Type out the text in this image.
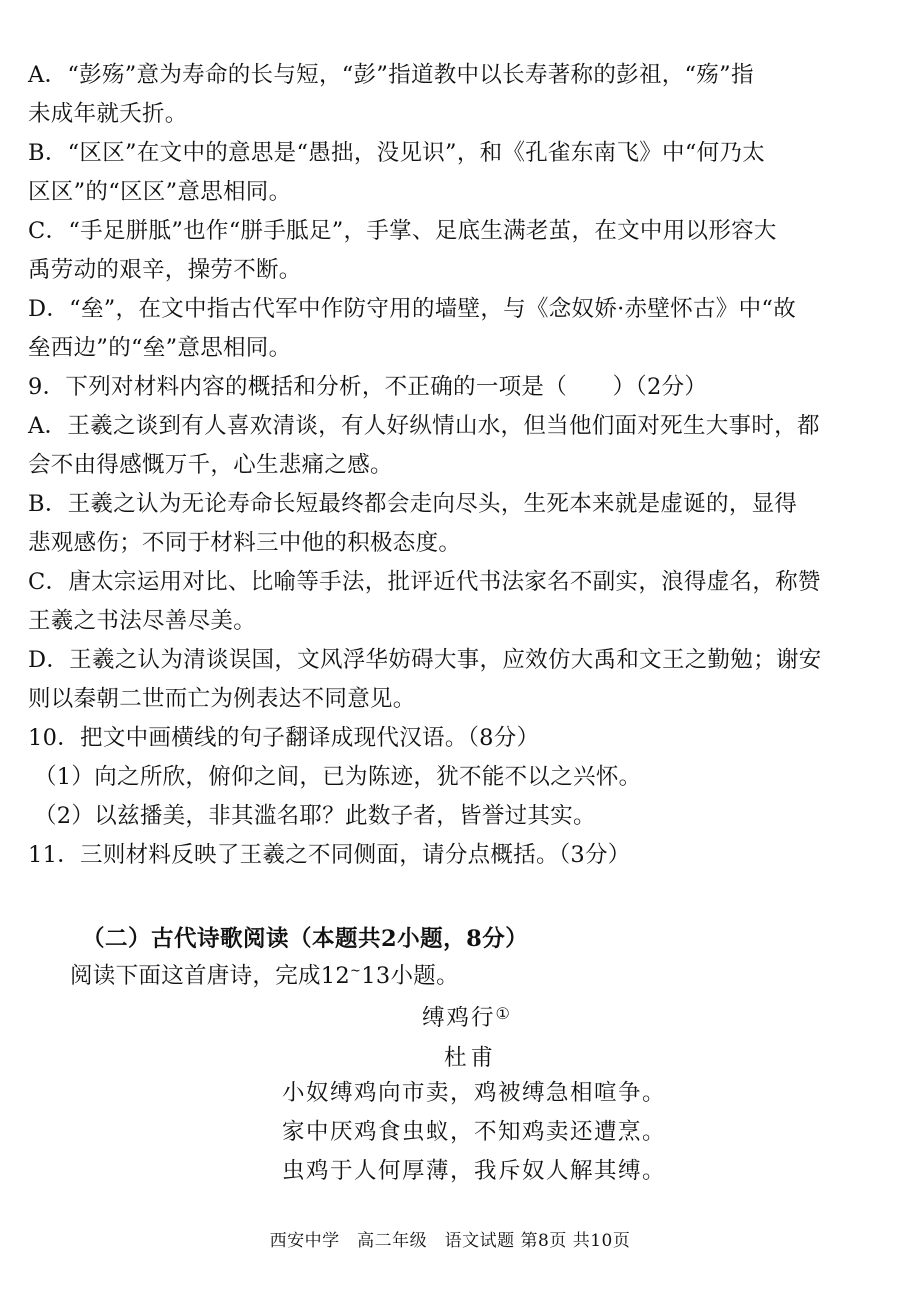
A．“彭殇”意为寿命的长与短，“彭”指道教中以长寿著称的彭祖，“殇”指
未成年就夭折。
B．“区区”在文中的意思是“愚拙，没见识”，和《孔雀东南飞》中“何乃太
区区”的“区区”意思相同。
C．“手足胼胝”也作“胼手胝足”，手掌、足底生满老茧，在文中用以形容大
禹劳动的艰辛，操劳不断。
D．“垒”，在文中指古代军中作防守用的墙壁，与《念奴娇·赤壁怀古》中“故
垒西边”的“垒”意思相同。
9．下列对材料内容的概括和分析，不正确的一项是（　　）（2分）
A．王羲之谈到有人喜欢清谈，有人好纵情山水，但当他们面对死生大事时，都
会不由得感慨万千，心生悲痛之感。
B．王羲之认为无论寿命长短最终都会走向尽头，生死本来就是虚诞的，显得
悲观感伤；不同于材料三中他的积极态度。
C．唐太宗运用对比、比喻等手法，批评近代书法家名不副实，浪得虚名，称赞
王羲之书法尽善尽美。
D．王羲之认为清谈误国，文风浮华妨碍大事，应效仿大禹和文王之勤勉；谢安
则以秦朝二世而亡为例表达不同意见。
10．把文中画横线的句子翻译成现代汉语。（8分）
（1）向之所欣，俯仰之间，已为陈迹，犹不能不以之兴怀。
（2）以兹播美，非其滥名耶？此数子者，皆誉过其实。
11．三则材料反映了王羲之不同侧面，请分点概括。（3分）
（二）古代诗歌阅读（本题共2小题，8分）
阅读下面这首唐诗，完成12~13小题。
缚鸡行①
杜甫
小奴缚鸡向市卖，鸡被缚急相喧争。
家中厌鸡食虫蚁，不知鸡卖还遭烹。
虫鸡于人何厚薄，我斥奴人解其缚。
西安中学　高二年级　语文试题 第8页 共10页
